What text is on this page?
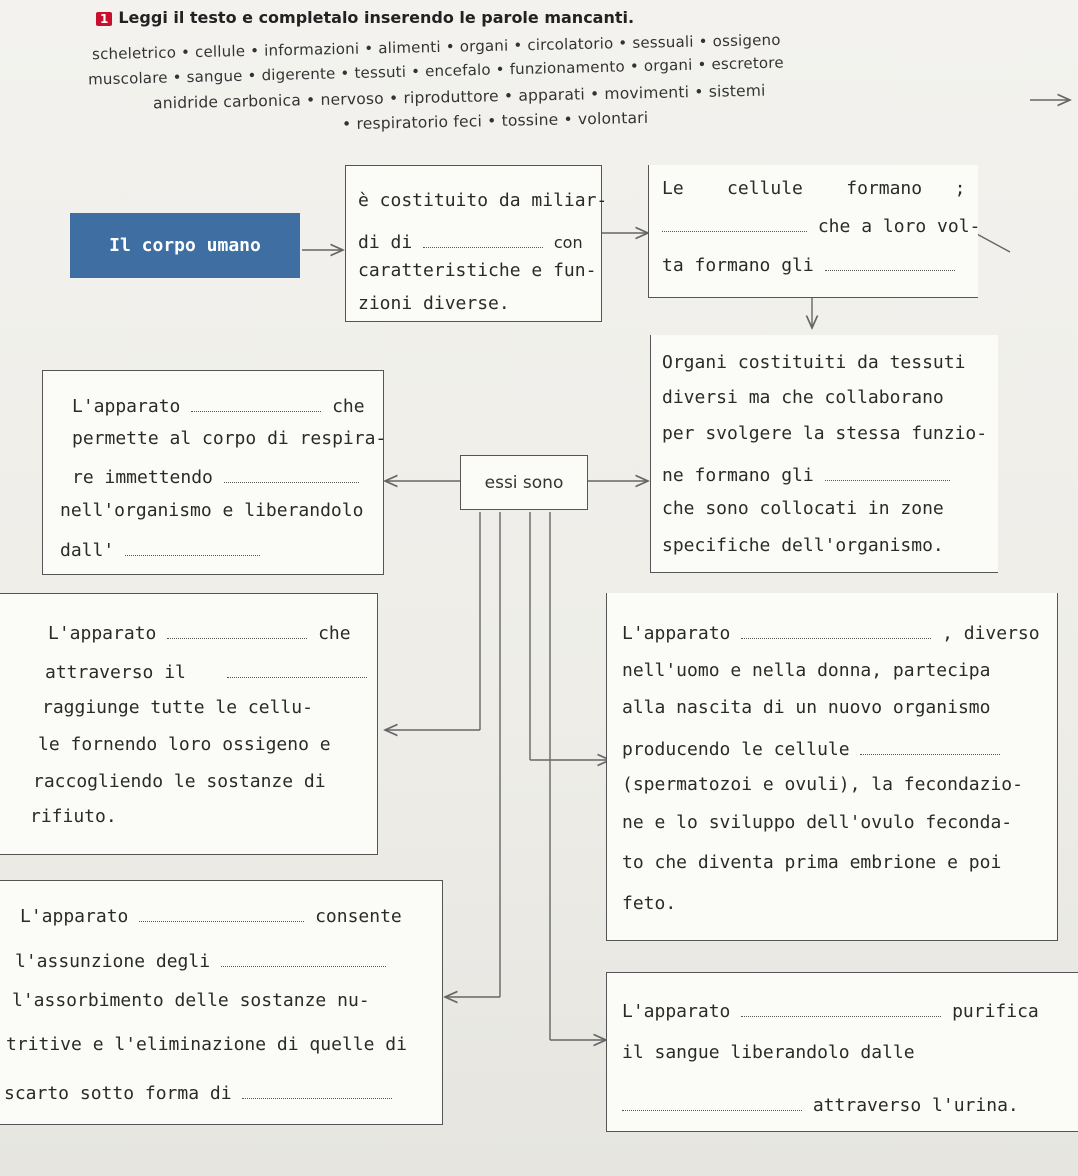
1 Leggi il testo e completalo inserendo le parole mancanti.
scheletrico • cellule • informazioni • alimenti • organi • circolatorio • sessuali • ossigeno
muscolare • sangue • digerente • tessuti • encefalo • funzionamento • organi • escretore
anidride carbonica • nervoso • riproduttore • apparati • movimenti • sistemi
• respiratorio feci • tossine • volontari
Il corpo umano
è costituito da miliar-
di di	con
caratteristiche e fun-
zioni diverse.
Le    cellule    formano   ;
che a loro vol-
ta formano gli
Organi costituiti da tessuti
diversi ma che collaborano
per svolgere la stessa funzio-
ne formano gli
che sono collocati in zone
specifiche dell'organismo.
essi sono
L'apparato	che
permette al corpo di respira-
re immettendo
nell'organismo e liberandolo
dall'
L'apparato	che
attraverso il
raggiunge tutte le cellu-
le fornendo loro ossigeno e
raccogliendo le sostanze di
rifiuto.
L'apparato	, diverso
nell'uomo e nella donna, partecipa
alla nascita di un nuovo organismo
producendo le cellule
(spermatozoi e ovuli), la fecondazio-
ne e lo sviluppo dell'ovulo feconda-
to che diventa prima embrione e poi
feto.
L'apparato	consente
l'assunzione degli
l'assorbimento delle sostanze nu-
tritive e l'eliminazione di quelle di
scarto sotto forma di
L'apparato	purifica
il sangue liberandolo dalle
attraverso l'urina.
